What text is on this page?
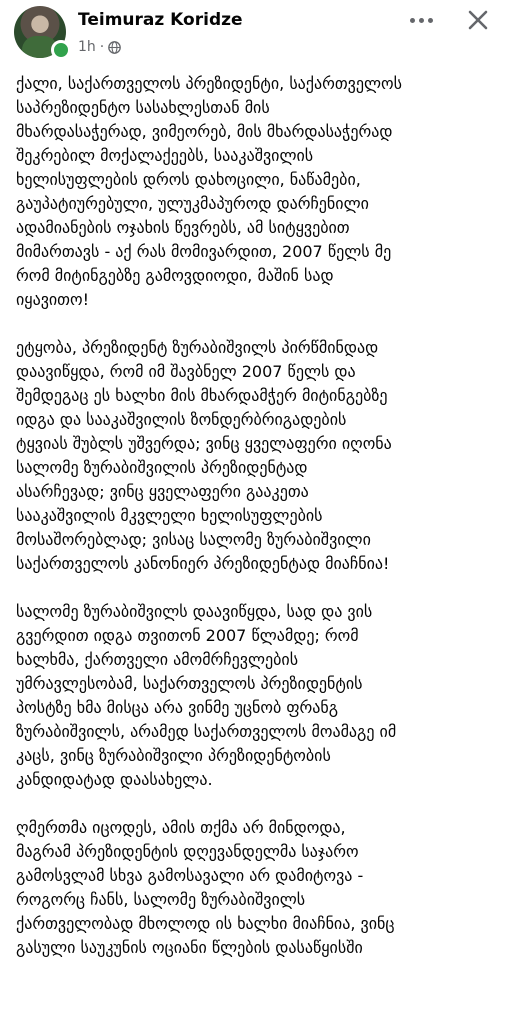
Teimuraz Koridze
1h ·

ქალი, საქართველოს პრეზიდენტი, საქართველოს
საპრეზიდენტო სასახლესთან მის
მხარდასაჭერად, ვიმეორებ, მის მხარდასაჭერად
შეკრებილ მოქალაქეებს, სააკაშვილის
ხელისუფლების დროს დახოცილი, ნაწამები,
გაუპატიურებული, ულუკმაპუროდ დარჩენილი
ადამიანების ოჯახის წევრებს, ამ სიტყვებით
მიმართავს - აქ რას მომივარდით, 2007 წელს მე
რომ მიტინგებზე გამოვდიოდი, მაშინ სად
იყავითო!

ეტყობა, პრეზიდენტ ზურაბიშვილს პირწმინდად
დაავიწყდა, რომ იმ შავბნელ 2007 წელს და
შემდეგაც ეს ხალხი მის მხარდამჭერ მიტინგებზე
იდგა და სააკაშვილის ზონდერბრიგადების
ტყვიას შუბლს უშვერდა; ვინც ყველაფერი იღონა
სალომე ზურაბიშვილის პრეზიდენტად
ასარჩევად; ვინც ყველაფერი გააკეთა
სააკაშვილის მკვლელი ხელისუფლების
მოსაშორებლად; ვისაც სალომე ზურაბიშვილი
საქართველოს კანონიერ პრეზიდენტად მიაჩნია!

სალომე ზურაბიშვილს დაავიწყდა, სად და ვის
გვერდით იდგა თვითონ 2007 წლამდე; რომ
ხალხმა, ქართველი ამომრჩევლების
უმრავლესობამ, საქართველოს პრეზიდენტის
პოსტზე ხმა მისცა არა ვინმე უცნობ ფრანგ
ზურაბიშვილს, არამედ საქართველოს მოამაგე იმ
კაცს, ვინც ზურაბიშვილი პრეზიდენტობის
კანდიდატად დაასახელა.

ღმერთმა იცოდეს, ამის თქმა არ მინდოდა,
მაგრამ პრეზიდენტის დღევანდელმა საჯარო
გამოსვლამ სხვა გამოსავალი არ დამიტოვა -
როგორც ჩანს, სალომე ზურაბიშვილს
ქართველობად მხოლოდ ის ხალხი მიაჩნია, ვინც
გასული საუკუნის ოციანი წლების დასაწყისში
